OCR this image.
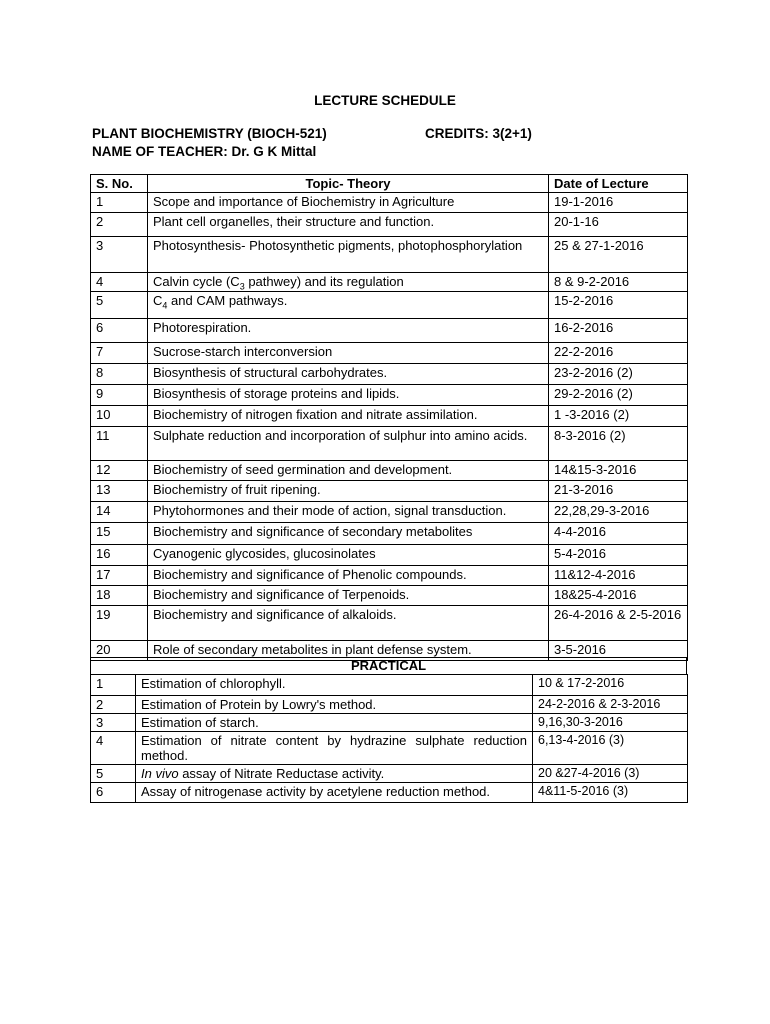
LECTURE SCHEDULE
PLANT BIOCHEMISTRY (BIOCH-521)	CREDITS: 3(2+1)
NAME OF TEACHER: Dr. G K Mittal
S. No.	Topic- Theory	Date of Lecture
1	Scope and importance of Biochemistry in Agriculture	19-1-2016
2	Plant cell organelles, their structure and function.	20-1-16
3	Photosynthesis- Photosynthetic pigments, photophosphorylation	25 & 27-1-2016
4	Calvin cycle ($C_3$ pathwey) and its regulation	8 & 9-2-2016
5	$C_4$ and CAM pathways.	15-2-2016
6	Photorespiration.	16-2-2016
7	Sucrose-starch interconversion	22-2-2016
8	Biosynthesis of structural carbohydrates.	23-2-2016 (2)
9	Biosynthesis of storage proteins and lipids.	29-2-2016 (2)
10	Biochemistry of nitrogen fixation and nitrate assimilation.	1 -3-2016 (2)
11	Sulphate reduction and incorporation of sulphur into amino acids.	8-3-2016 (2)
12	Biochemistry of seed germination and development.	14&15-3-2016
13	Biochemistry of fruit ripening.	21-3-2016
14	Phytohormones and their mode of action, signal transduction.	22,28,29-3-2016
15	Biochemistry and significance of secondary metabolites	4-4-2016
16	Cyanogenic glycosides, glucosinolates	5-4-2016
17	Biochemistry and significance of Phenolic compounds.	11&12-4-2016
18	Biochemistry and significance of Terpenoids.	18&25-4-2016
19	Biochemistry and significance of alkaloids.	26-4-2016 & 2-5-2016
20	Role of secondary metabolites in plant defense system.	3-5-2016
PRACTICAL
1	Estimation of chlorophyll.	10 & 17-2-2016
2	Estimation of Protein by Lowry's method.	24-2-2016 & 2-3-2016
3	Estimation of starch.	9,16,30-3-2016
4	Estimation of nitrate content by hydrazine sulphate reduction method.	6,13-4-2016 (3)
5	In vivo assay of Nitrate Reductase activity.	20 &27-4-2016 (3)
6	Assay of nitrogenase activity by acetylene reduction method.	4&11-5-2016 (3)
